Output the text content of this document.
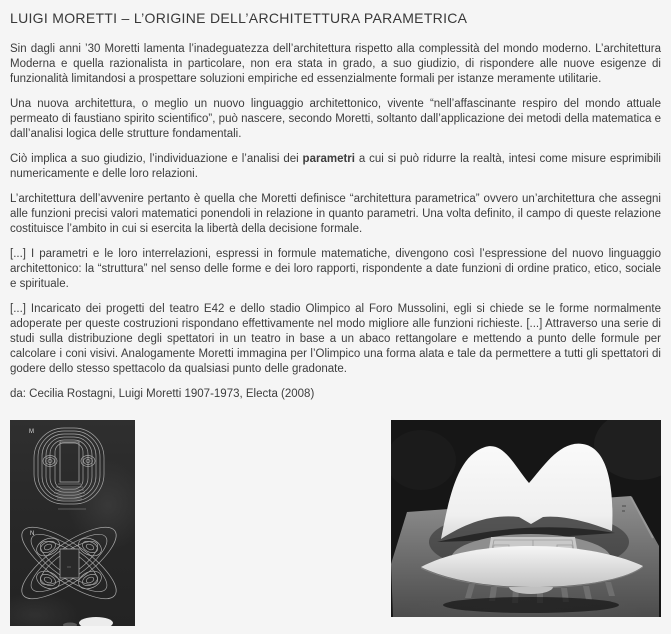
LUIGI MORETTI – L’ORIGINE DELL’ARCHITETTURA PARAMETRICA

Sin dagli anni ’30 Moretti lamenta l’inadeguatezza dell’architettura rispetto alla complessità del mondo moderno. L’architettura Moderna e quella razionalista in particolare, non era stata in grado, a suo giudizio, di rispondere alle nuove esigenze di funzionalità limitandosi a prospettare soluzioni empiriche ed essenzialmente formali per istanze meramente utilitarie.

Una nuova architettura, o meglio un nuovo linguaggio architettonico, vivente “nell’affascinante respiro del mondo attuale permeato di faustiano spirito scientifico”, può nascere, secondo Moretti, soltanto dall’applicazione dei metodi della matematica e dall’analisi logica delle strutture fondamentali.

Ciò implica a suo giudizio, l’individuazione e l’analisi dei parametri a cui si può ridurre la realtà, intesi come misure esprimibili numericamente e delle loro relazioni.

L’architettura dell’avvenire pertanto è quella che Moretti definisce “architettura parametrica” ovvero un’architettura che assegni alle funzioni precisi valori matematici ponendoli in relazione in quanto parametri. Una volta definito, il campo di queste relazione costituisce l’ambito in cui si esercita la libertà della decisione formale.

[...] I parametri e le loro interrelazioni, espressi in formule matematiche, divengono così l’espressione del nuovo linguaggio architettonico: la “struttura” nel senso delle forme e dei loro rapporti, rispondente a date funzioni di ordine pratico, etico, sociale e spirituale.

[...] Incaricato dei progetti del teatro E42 e dello stadio Olimpico al Foro Mussolini, egli si chiede se le forme normalmente adoperate per queste costruzioni rispondano effettivamente nel modo migliore alle funzioni richieste. [...] Attraverso una serie di studi sulla distribuzione degli spettatori in un teatro in base a un abaco rettangolare e mettendo a punto delle formule per calcolare i coni visivi. Analogamente Moretti immagina per l’Olimpico una forma alata e tale da permettere a tutti gli spettatori di godere dello stesso spettacolo da qualsiasi punto delle gradonate.

da: Cecilia Rostagni, Luigi Moretti 1907-1973, Electa (2008)

M
N
